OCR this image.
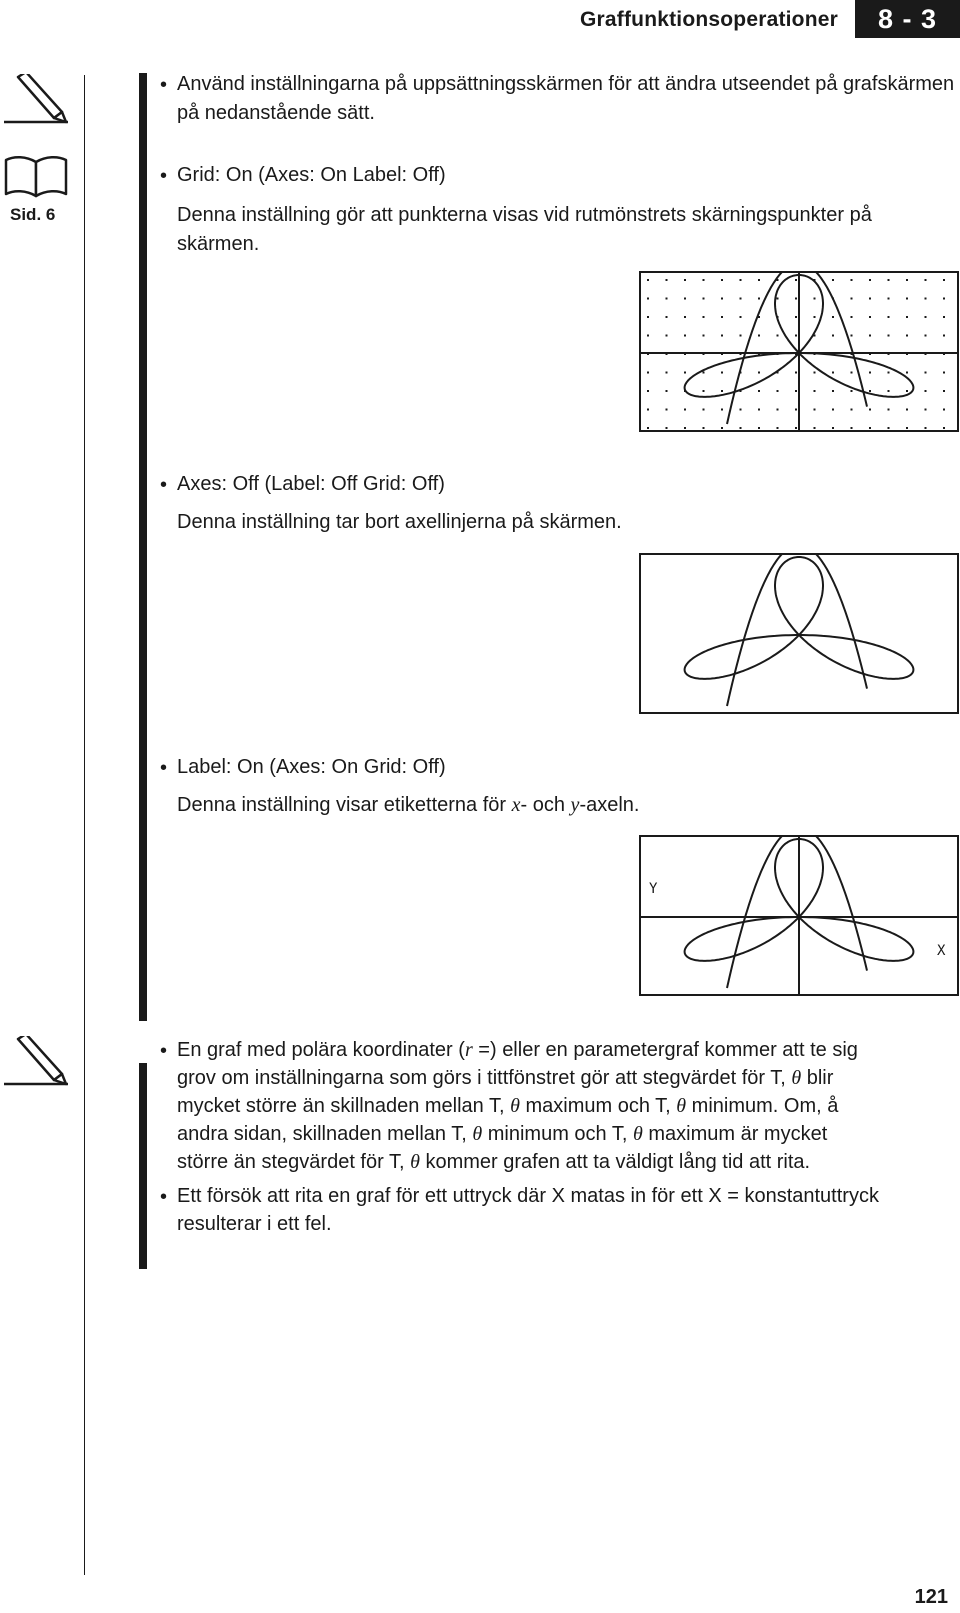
Graffunktionsoperationer	8 - 3
Sid. 6
• Använd inställningarna på uppsättningsskärmen för att ändra utseendet på grafskärmen på nedanstående sätt.
• Grid: On (Axes: On Label: Off)
Denna inställning gör att punkterna visas vid rutmönstrets skärningspunkter på skärmen.
• Axes: Off (Label: Off Grid: Off)
Denna inställning tar bort axellinjerna på skärmen.
• Label: On (Axes: On Grid: Off)
Denna inställning visar etiketterna för x- och y-axeln.
Y
X
• En graf med polära koordinater (r =) eller en parametergraf kommer att te sig
grov om inställningarna som görs i tittfönstret gör att stegvärdet för T, θ blir
mycket större än skillnaden mellan T, θ maximum och T, θ minimum. Om, å
andra sidan, skillnaden mellan T, θ minimum och T, θ maximum är mycket
större än stegvärdet för T, θ kommer grafen att ta väldigt lång tid att rita.
• Ett försök att rita en graf för ett uttryck där X matas in för ett X = konstantuttryck
resulterar i ett fel.
121
